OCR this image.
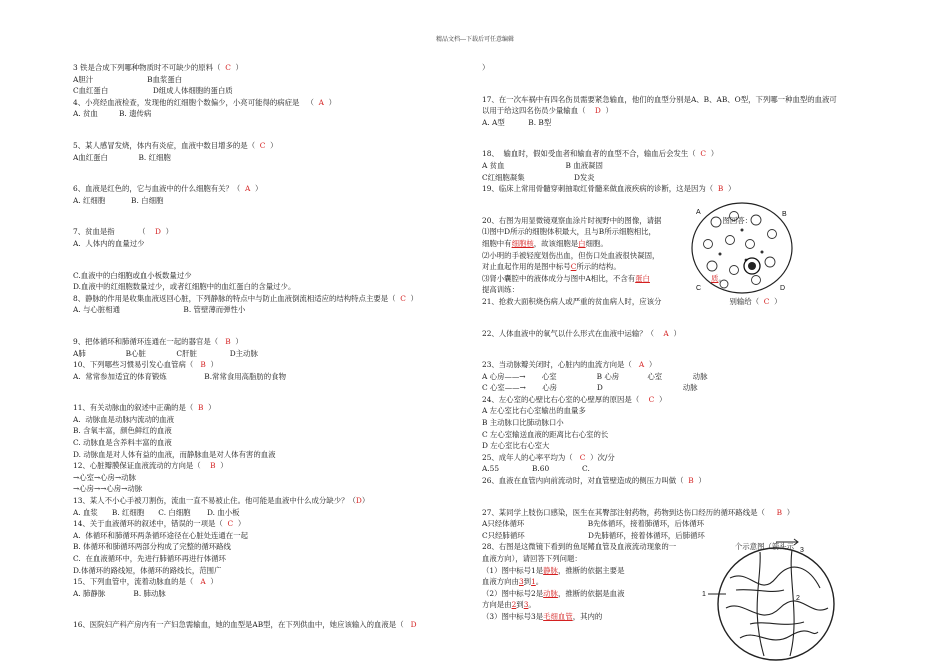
精品文档---下载后可任意编辑
3 铁是合成下列哪种物质时不可缺少的原料（  C  ）
A胆汁                       B血浆蛋白
C血红蛋白                   D组成人体细胞的蛋白质
4、小亮经血液检查，发现他的红细胞个数偏少，小亮可能得的病症是   （  A  ）
A. 贫血         B. 遗传病
5、某人感冒发烧，体内有炎症，血液中数目增多的是（  C  ）
A血红蛋白             B. 红细胞
6、血液是红色的，它与血液中的什么细胞有关？（  A  ）
A. 红细胞           B. 白细胞
7、贫血是指          （    D  ）
A.  人体内的血量过少
C.血液中的白细胞或血小板数量过少
D.血液中的红细胞数量过少，或者红细胞中的血红蛋白的含量过少。
8、静脉的作用是收集血液返回心脏，下列静脉的特点中与防止血液倒流相适应的结构特点主要是（  C  ）
A. 与心脏相通                           B. 管壁薄而弹性小
9、把体循环和肺循环连通在一起的器官是（   B  ）
A肺                 B心脏             C肝脏              D主动脉
10、下列哪些习惯易引发心血管病（   B  ）
A.  常常参加适宜的体育锻炼                B.常常食用高脂肪的食物
11、有关动脉血的叙述中正确的是（  B  ）
A.  动脉血是动脉内流动的血液
B. 含氧丰富，颜色鲜红的血液
C. 动脉血是含养料丰富的血液
D. 动脉血是对人体有益的血液，而静脉血是对人体有害的血液
12、心脏瓣膜保证血液流动的方向是（    B  ）
→心室→心房→动脉
→心房→→心房→动脉
13、某人不小心手被刀割伤，流血一直不易被止住。他可能是血液中什么成分缺少？（D）
A. 血浆      B. 红细胞      C. 白细胞       D. 血小板
14、关于血液循环的叙述中，错误的一项是（  C  ）
A.  体循环和肺循环两条循环途径在心脏处连通在一起
B. 体循环和肺循环两部分构成了完整的循环路线
C.  在血液循环中，先进行肺循环再进行体循环
D.体循环的路线短，体循环的路线长，范围广
15、下列血管中，流着动脉血的是（   A  ）
A. 肺静脉            B. 肺动脉
16、医院妇产科产房内有一产妇急需输血，她的血型是AB型，在下列供血中，她应该输入的血液是（   D
）
17、在一次车祸中有四名伤员需要紧急输血，他们的血型分别是A、B、AB、O型，下列哪一种血型的血液可
以用于给这四名伤员少量输血（    D  ）
A. A型          B. B型
18、  输血时，假如受血者和输血者的血型不合，输血后会发生（  C  ）
A 贫血                          B 血液凝固
C红细胞凝集                     D发炎
19、临床上常用骨髓穿刺抽取红骨髓来做血液疾病的诊断，这是因为（  B  ）
20、右图为用显微镜观察血涂片时视野中的图像，请据                          图回答：
⑴图中D所示的细胞体积最大，且与B所示细胞相比，
细胞中有细胞核，故该细胞是白细胞。
⑵小明的手被轻度划伤出血，但伤口处血液很快凝固，
对止血起作用的是图中标号C所示的结构。
⑶肾小囊腔中的液体成分与图中A相比，不含有蛋白	质。
提高训练：
21、抢救大面积烧伤病人或严重的贫血病人时，应该分                             别输给（  C  ）
22、人体血液中的氧气以什么形式在血液中运输？（    A  ）
23、当动脉瓣关闭时，心脏内的血流方向是（   A  ）
A 心房——→       心室                 B 心房            心室             动脉
C 心室——→       心房                 D                                  动脉
24、左心室的心壁比右心室的心壁厚的原因是（    C  ）
A 左心室比右心室输出的血量多
B 主动脉口比肺动脉口小
C 左心室输送血液的距离比右心室的长
D 左心室比右心室大
25、成年人的心率平均为（   C  ）次/分
A.55              B.60              C.
26、血液在血管内向前流动时，对血管壁造成的侧压力叫做（  B  ）
27、某同学上肢伤口感染，医生在其臀部注射药物，药物到达伤口经历的循环路线是（     B  ）
A只经体循环                           B先体循环，接着肺循环，后体循环
C只经肺循环                           D先肺循环，接着体循环，后肺循环
28、右图是这微镜下看到的鱼尾鳍血管及血液流动现象的一                         个示意图（箭头示
血液方向），请回答下列问题：
（1）图中标号1是静脉，推断的依据主要是
血液方向由3到1。
（2）图中标号2是动脉，推断的依据是血液
方向是由2到3。
（3）图中标号3是毛细血管，其内的
A	B
C	D
1
2
3
